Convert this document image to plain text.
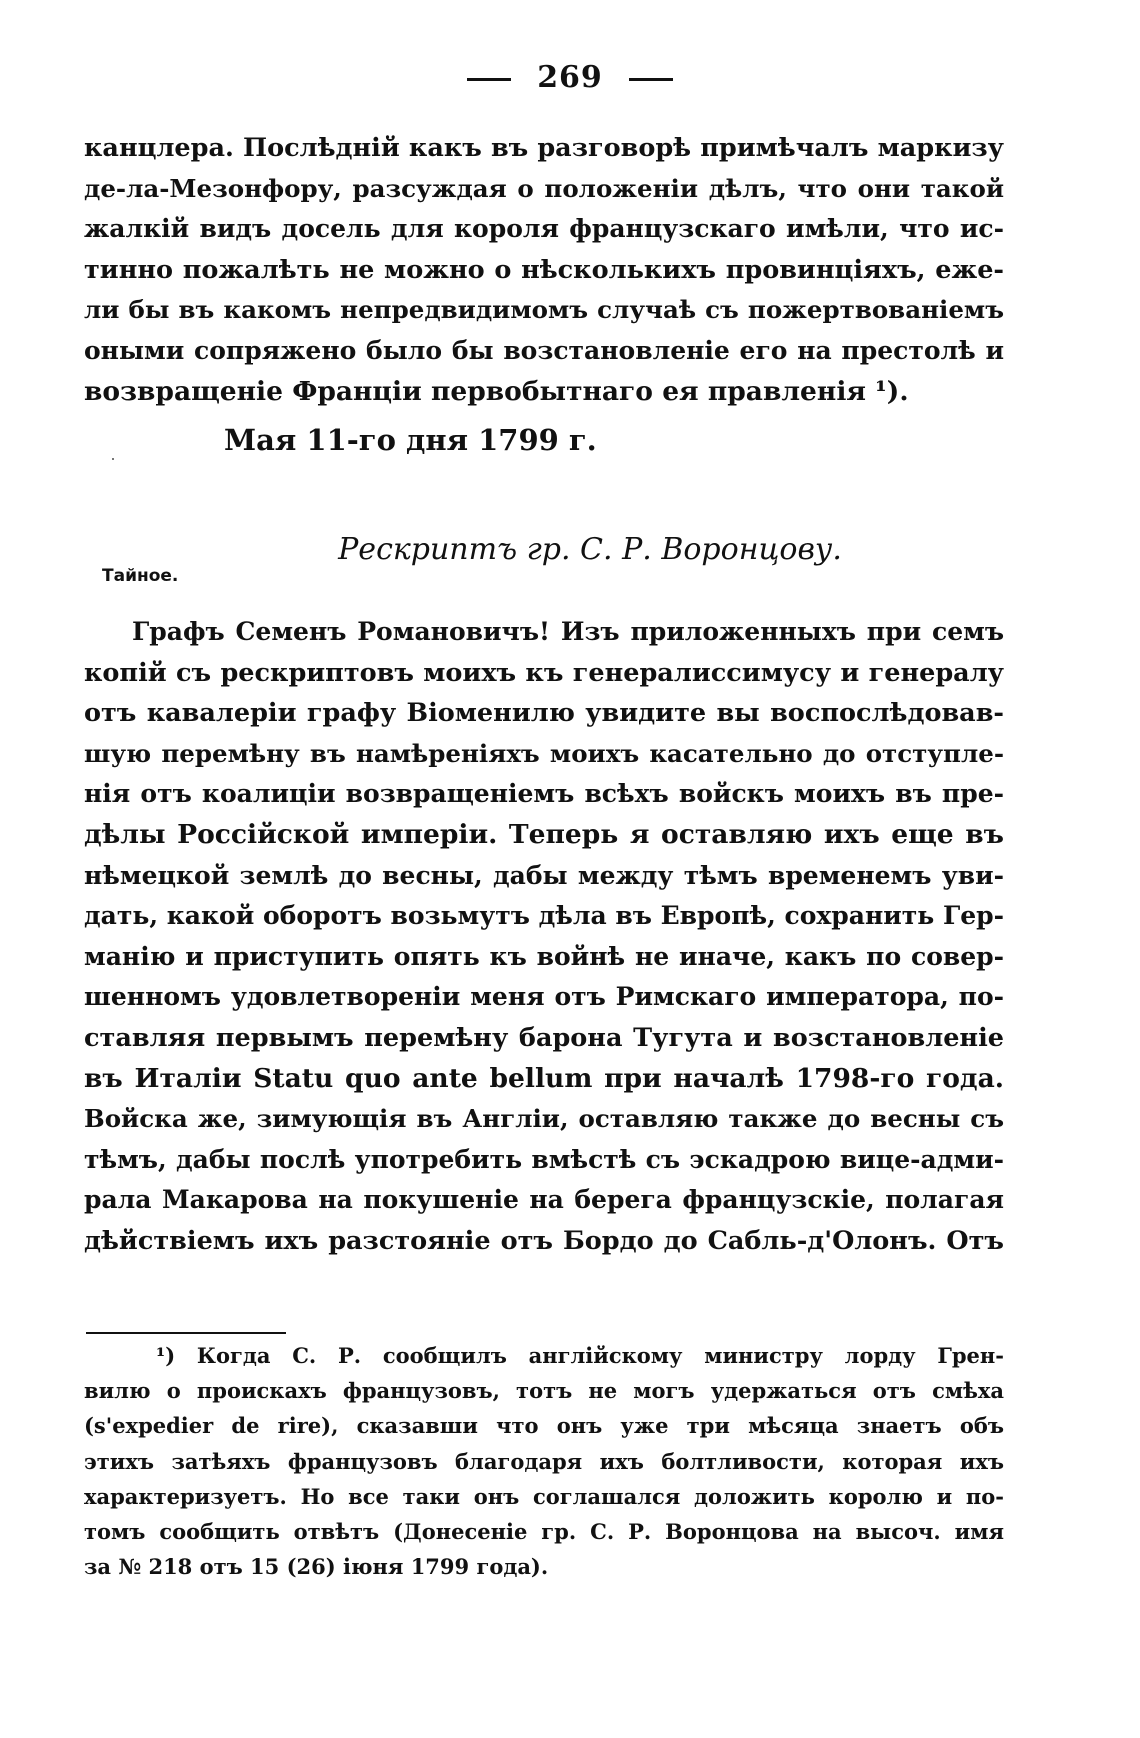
269
канцлера. Послѣдній какъ въ разговорѣ примѣчалъ маркизу
де-ла-Мезонфору, разсуждая о положеніи дѣлъ, что они такой
жалкій видъ досель для короля французскаго имѣли, что ис-
тинно пожалѣть не можно о нѣсколькихъ провинціяхъ, еже-
ли бы въ какомъ непредвидимомъ случаѣ съ пожертвованіемъ
оными сопряжено было бы возстановленіе его на престолѣ и
возвращеніе Франціи первобытнаго ея правленія ¹).
Мая 11-го дня 1799 г.
Рескриптъ гр. С. Р. Воронцову.
Тайное.
Графъ Семенъ Романовичъ! Изъ приложенныхъ при семъ
копій съ рескриптовъ моихъ къ генералиссимусу и генералу
отъ кавалеріи графу Віоменилю увидите вы воспослѣдовав-
шую перемѣну въ намѣреніяхъ моихъ касательно до отступле-
нія отъ коалиціи возвращеніемъ всѣхъ войскъ моихъ въ пре-
дѣлы Россійской имперіи. Теперь я оставляю ихъ еще въ
нѣмецкой землѣ до весны, дабы между тѣмъ временемъ уви-
дать, какой оборотъ возьмутъ дѣла въ Европѣ, сохранить Гер-
манію и приступить опять къ войнѣ не иначе, какъ по совер-
шенномъ удовлетвореніи меня отъ Римскаго императора, по-
ставляя первымъ перемѣну барона Тугута и возстановленіе
въ Италіи Statu quo ante bellum при началѣ 1798-го года.
Войска же, зимующія въ Англіи, оставляю также до весны съ
тѣмъ, дабы послѣ употребить вмѣстѣ съ эскадрою вице-адми-
рала Макарова на покушеніе на берега французскіе, полагая
дѣйствіемъ ихъ разстояніе отъ Бордо до Сабль-д'Олонъ. Отъ
¹) Когда С. Р. сообщилъ англійскому министру лорду Грен-
вилю о проискахъ французовъ, тотъ не могъ удержаться отъ смѣха
(s'expedier de rire), сказавши что онъ уже три мѣсяца знаетъ объ
этихъ затѣяхъ французовъ благодаря ихъ болтливости, которая ихъ
характеризуетъ. Но все таки онъ соглашался доложить королю и по-
томъ сообщить отвѣтъ (Донесеніе гр. С. Р. Воронцова на высоч. имя
за № 218 отъ 15 (26) іюня 1799 года).
